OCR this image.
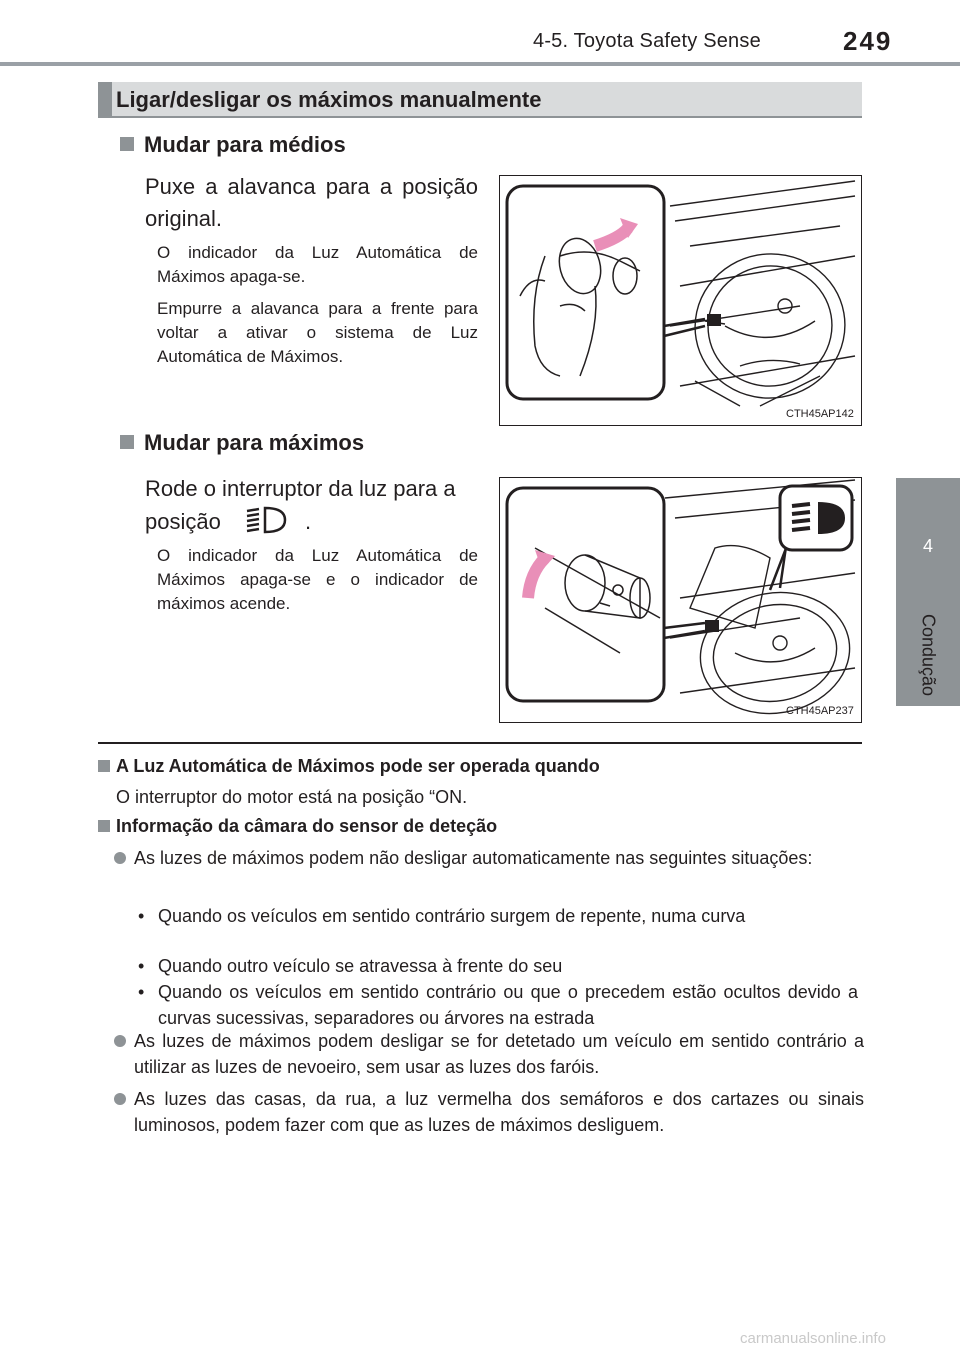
4-5. Toyota Safety Sense	249
4
Condução
Ligar/desligar os máximos manualmente
Mudar para médios
Puxe a alavanca para a posição original.
O indicador da Luz Automática de Máximos apaga-se.
Empurre a alavanca para a frente para voltar a ativar o sistema de Luz Automática de Máximos.
CTH45AP142
Mudar para máximos
Rode o interruptor da luz para a posição	.
O indicador da Luz Automática de Máximos apaga-se e o indicador de máximos acende.
CTH45AP237
A Luz Automática de Máximos pode ser operada quando
O interruptor do motor está na posição “ON.
Informação da câmara do sensor de deteção
As luzes de máximos podem não desligar automaticamente nas seguintes situações:
• Quando os veículos em sentido contrário surgem de repente, numa curva
• Quando outro veículo se atravessa à frente do seu
• Quando os veículos em sentido contrário ou que o precedem estão ocultos devido a curvas sucessivas, separadores ou árvores na estrada
As luzes de máximos podem desligar se for detetado um veículo em sentido contrário a utilizar as luzes de nevoeiro, sem usar as luzes dos faróis.
As luzes das casas, da rua, a luz vermelha dos semáforos e dos cartazes ou sinais luminosos, podem fazer com que as luzes de máximos desliguem.
carmanualsonline.info
